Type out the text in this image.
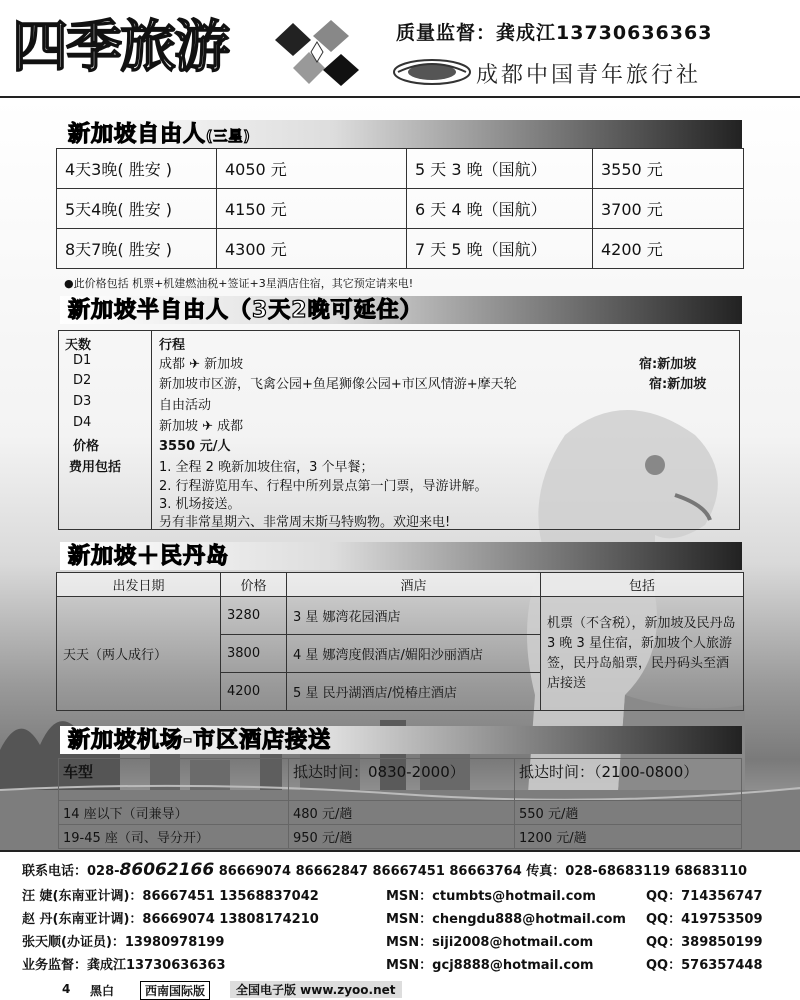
四季旅游	质量监督：龚成江13730636363
成都中国青年旅行社
新加坡自由人(三星)
4天3晚( 胜安 )	4050 元	5 天 3 晚（国航）	3550 元
5天4晚( 胜安 )	4150 元	6 天 4 晚（国航）	3700 元
8天7晚( 胜安 )	4300 元	7 天 5 晚（国航）	4200 元
●此价格包括 机票+机建燃油税+签证+3星酒店住宿，其它预定请来电!
新加坡半自由人（3天2晚可延住）
天数	行程
D1	成都 ✈ 新加坡	宿:新加坡
D2	新加坡市区游，飞禽公园+鱼尾狮像公园+市区风情游+摩天轮	宿:新加坡
D3	自由活动
D4	新加坡 ✈ 成都
价格	3550 元/人
费用包括	1. 全程 2 晚新加坡住宿，3 个早餐；
2. 行程游览用车、行程中所列景点第一门票，导游讲解。
3. 机场接送。
另有非常星期六、非常周末斯马特购物。欢迎来电!
新加坡＋民丹岛
出发日期	价格	酒店	包括
天天（两人成行）	3280	3 星 娜湾花园酒店	机票（不含税），新加坡及民丹岛 3 晚 3 星住宿，新加坡个人旅游签，民丹岛船票，民丹码头至酒店接送
	3800	4 星 娜湾度假酒店/媚阳沙丽酒店	
	4200	5 星 民丹湖酒店/悦椿庄酒店	
新加坡机场-市区酒店接送
车型	抵达时间：0830-2000）	抵达时间：（2100-0800）
14 座以下（司兼导）	480 元/趟	550 元/趟
19-45 座（司、导分开）	950 元/趟	1200 元/趟
联系电话：028-86062166 86669074 86662847 86667451 86663764 传真：028-68683119 68683110
汪 婕(东南亚计调)：86667451 13568837042	MSN：ctumbts@hotmail.com	QQ：714356747
赵 丹(东南亚计调)：86669074 13808174210	MSN：chengdu888@hotmail.com QQ：419753509
张天顺(办证员)：13980978199	MSN：siji2008@hotmail.com	QQ：389850199
业务监督：龚成江13730636363	MSN：gcj8888@hotmail.com	QQ：576357448
4 黑白	西南国际版	全国电子版 www.zyoo.net
